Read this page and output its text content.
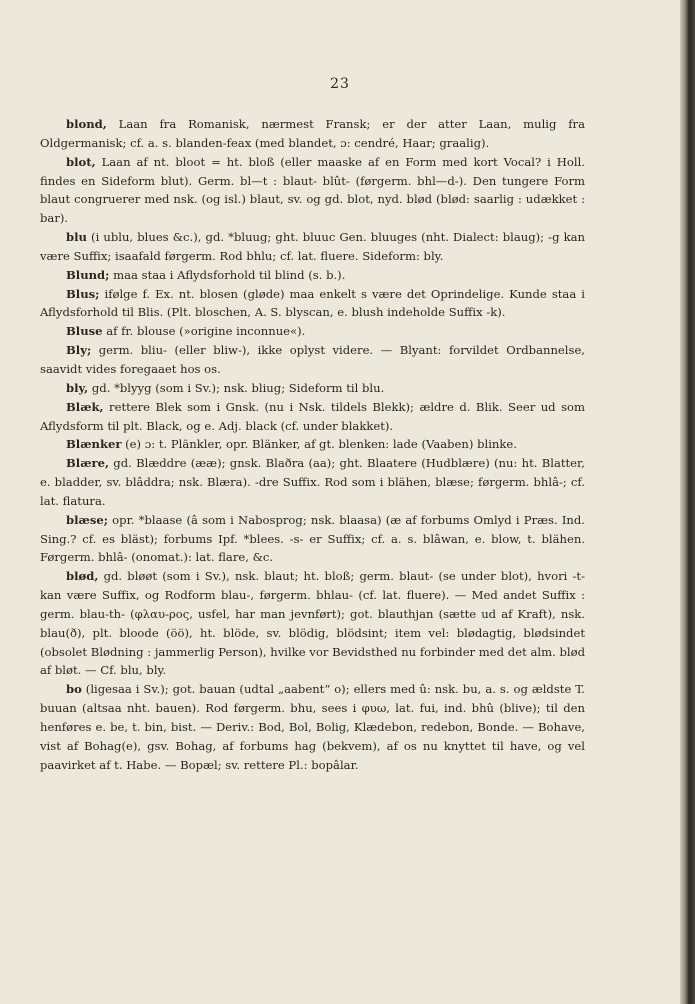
23

blond, Laan fra Romanisk, nærmest Fransk; er der atter Laan, mulig fra Oldgermanisk; cf. a. s. blanden-feax (med blandet, ɔ: cendré, Haar; graalig).

blot, Laan af nt. bloot = ht. bloß (eller maaske af en Form med kort Vocal? i Holl. findes en Sideform blut). Germ. bl—t : blaut- blût- (førgerm. bhl—d-). Den tungere Form blaut congruerer med nsk. (og isl.) blaut, sv. og gd. blot, nyd. blød (blød: saarlig : udækket : bar).

blu (i ublu, blues &c.), gd. *bluug; ght. bluuc Gen. bluuges (nht. Dialect: blaug); -g kan være Suffix; isaafald førgerm. Rod bhlu; cf. lat. fluere. Sideform: bly.

Blund; maa staa i Aflydsforhold til blind (s. b.).

Blus; ifølge f. Ex. nt. blosen (gløde) maa enkelt s være det Oprindelige. Kunde staa i Aflydsforhold til Blis. (Plt. bloschen, A. S. blyscan, e. blush indeholde Suffix -k).

Bluse af fr. blouse (»origine inconnue«).

Bly; germ. bliu- (eller bliw-), ikke oplyst videre. — Blyant: forvildet Ordbannelse, saavidt vides foregaaet hos os.

bly, gd. *blyyg (som i Sv.); nsk. bliug; Sideform til blu.

Blæk, rettere Blek som i Gnsk. (nu i Nsk. tildels Blekk); ældre d. Blik. Seer ud som Aflydsform til plt. Black, og e. Adj. black (cf. under blakket).

Blænker (e) ɔ: t. Plänkler, opr. Blänker, af gt. blenken: lade (Vaaben) blinke.

Blære, gd. Blæddre (ææ); gnsk. Blaðra (aa); ght. Blaatere (Hudblære) (nu: ht. Blatter, e. bladder, sv. blâddra; nsk. Blæra). -dre Suffix. Rod som i blähen, blæse; førgerm. bhlâ-; cf. lat. flatura.

blæse; opr. *blaase (â som i Nabosprog; nsk. blaasa) (æ af forbums Omlyd i Præs. Ind. Sing.? cf. es bläst); forbums Ipf. *blees. -s- er Suffix; cf. a. s. blâwan, e. blow, t. blähen. Førgerm. bhlâ- (onomat.): lat. flare, &c.

blød, gd. bløøt (som i Sv.), nsk. blaut; ht. bloß; germ. blaut- (se under blot), hvori -t- kan være Suffix, og Rodform blau-, førgerm. bhlau- (cf. lat. fluere). — Med andet Suffix : germ. blau-th- (φλαυ-ρος, usfel, har man jevnført); got. blauthjan (sætte ud af Kraft), nsk. blau(ð), plt. bloode (öö), ht. blöde, sv. blödig, blödsint; item vel: blødagtig, blødsindet (obsolet Blødning : jammerlig Person), hvilke vor Bevidsthed nu forbinder med det alm. blød af bløt. — Cf. blu, bly.

bo (ligesaa i Sv.); got. bauan (udtal „aabent“ o); ellers med û: nsk. bu, a. s. og ældste T. buuan (altsaa nht. bauen). Rod førgerm. bhu, sees i φυω, lat. fui, ind. bhû (blive); til den henføres e. be, t. bin, bist. — Deriv.: Bod, Bol, Bolig, Klædebon, redebon, Bonde. — Bohave, vist af Bohag(e), gsv. Bohag, af forbums hag (bekvem), af os nu knyttet til have, og vel paavirket af t. Habe. — Bopæl; sv. rettere Pl.: bopâlar.
